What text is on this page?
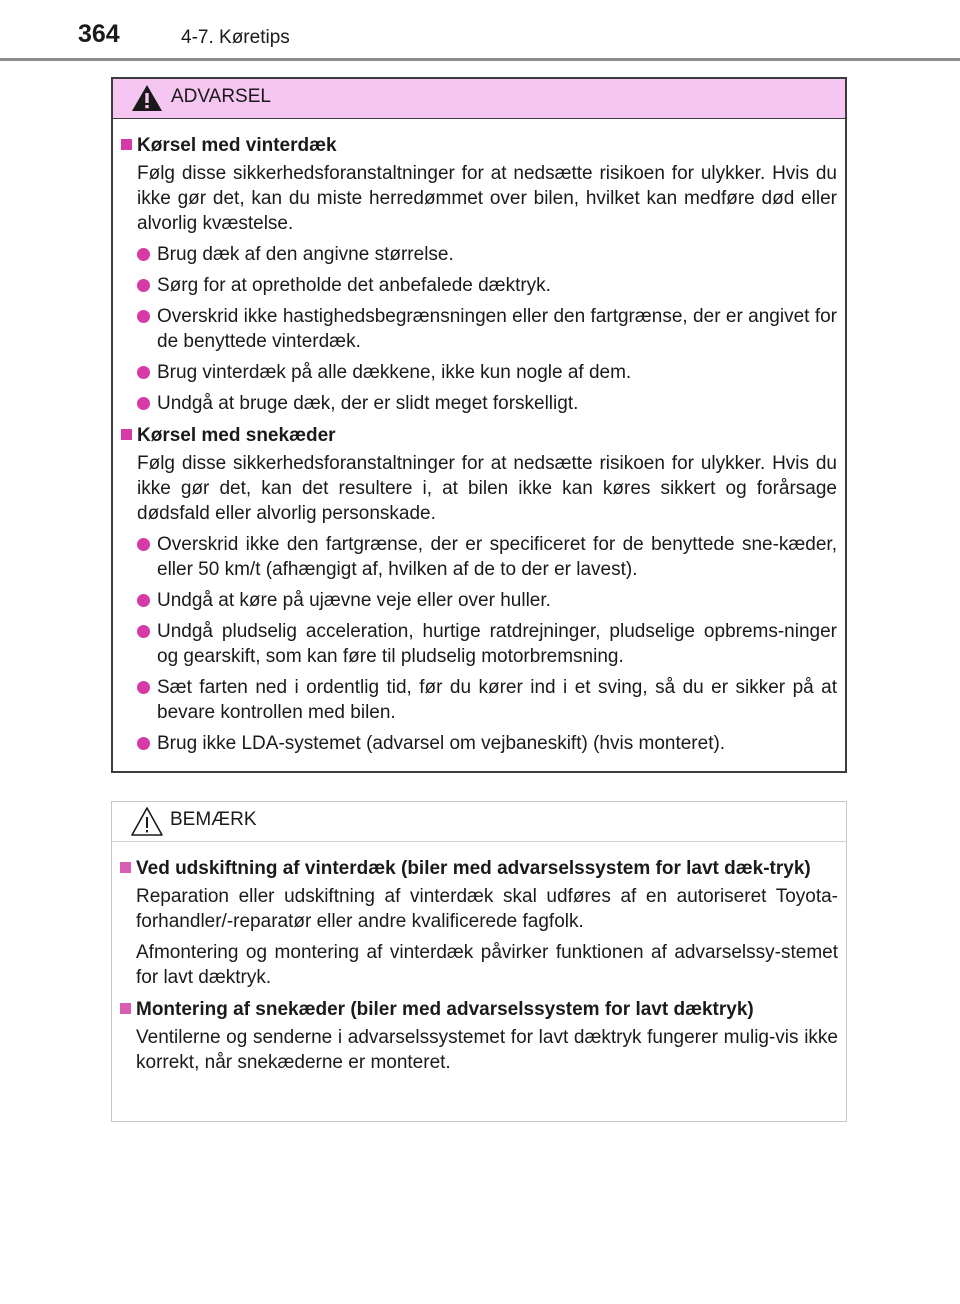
364	4-7. Køretips
ADVARSEL
Kørsel med vinterdæk
Følg disse sikkerhedsforanstaltninger for at nedsætte risikoen for ulykker. Hvis du ikke gør det, kan du miste herredømmet over bilen, hvilket kan medføre død eller alvorlig kvæstelse.
Brug dæk af den angivne størrelse.
Sørg for at opretholde det anbefalede dæktryk.
Overskrid ikke hastighedsbegrænsningen eller den fartgrænse, der er angivet for de benyttede vinterdæk.
Brug vinterdæk på alle dækkene, ikke kun nogle af dem.
Undgå at bruge dæk, der er slidt meget forskelligt.
Kørsel med snekæder
Følg disse sikkerhedsforanstaltninger for at nedsætte risikoen for ulykker. Hvis du ikke gør det, kan det resultere i, at bilen ikke kan køres sikkert og forårsage dødsfald eller alvorlig personskade.
Overskrid ikke den fartgrænse, der er specificeret for de benyttede sne-kæder, eller 50 km/t (afhængigt af, hvilken af de to der er lavest).
Undgå at køre på ujævne veje eller over huller.
Undgå pludselig acceleration, hurtige ratdrejninger, pludselige opbrems-ninger og gearskift, som kan føre til pludselig motorbremsning.
Sæt farten ned i ordentlig tid, før du kører ind i et sving, så du er sikker på at bevare kontrollen med bilen.
Brug ikke LDA-systemet (advarsel om vejbaneskift) (hvis monteret).
BEMÆRK
Ved udskiftning af vinterdæk (biler med advarselssystem for lavt dæk-tryk)
Reparation eller udskiftning af vinterdæk skal udføres af en autoriseret Toyota-forhandler/-reparatør eller andre kvalificerede fagfolk.
Afmontering og montering af vinterdæk påvirker funktionen af advarselssy-stemet for lavt dæktryk.
Montering af snekæder (biler med advarselssystem for lavt dæktryk)
Ventilerne og senderne i advarselssystemet for lavt dæktryk fungerer mulig-vis ikke korrekt, når snekæderne er monteret.
